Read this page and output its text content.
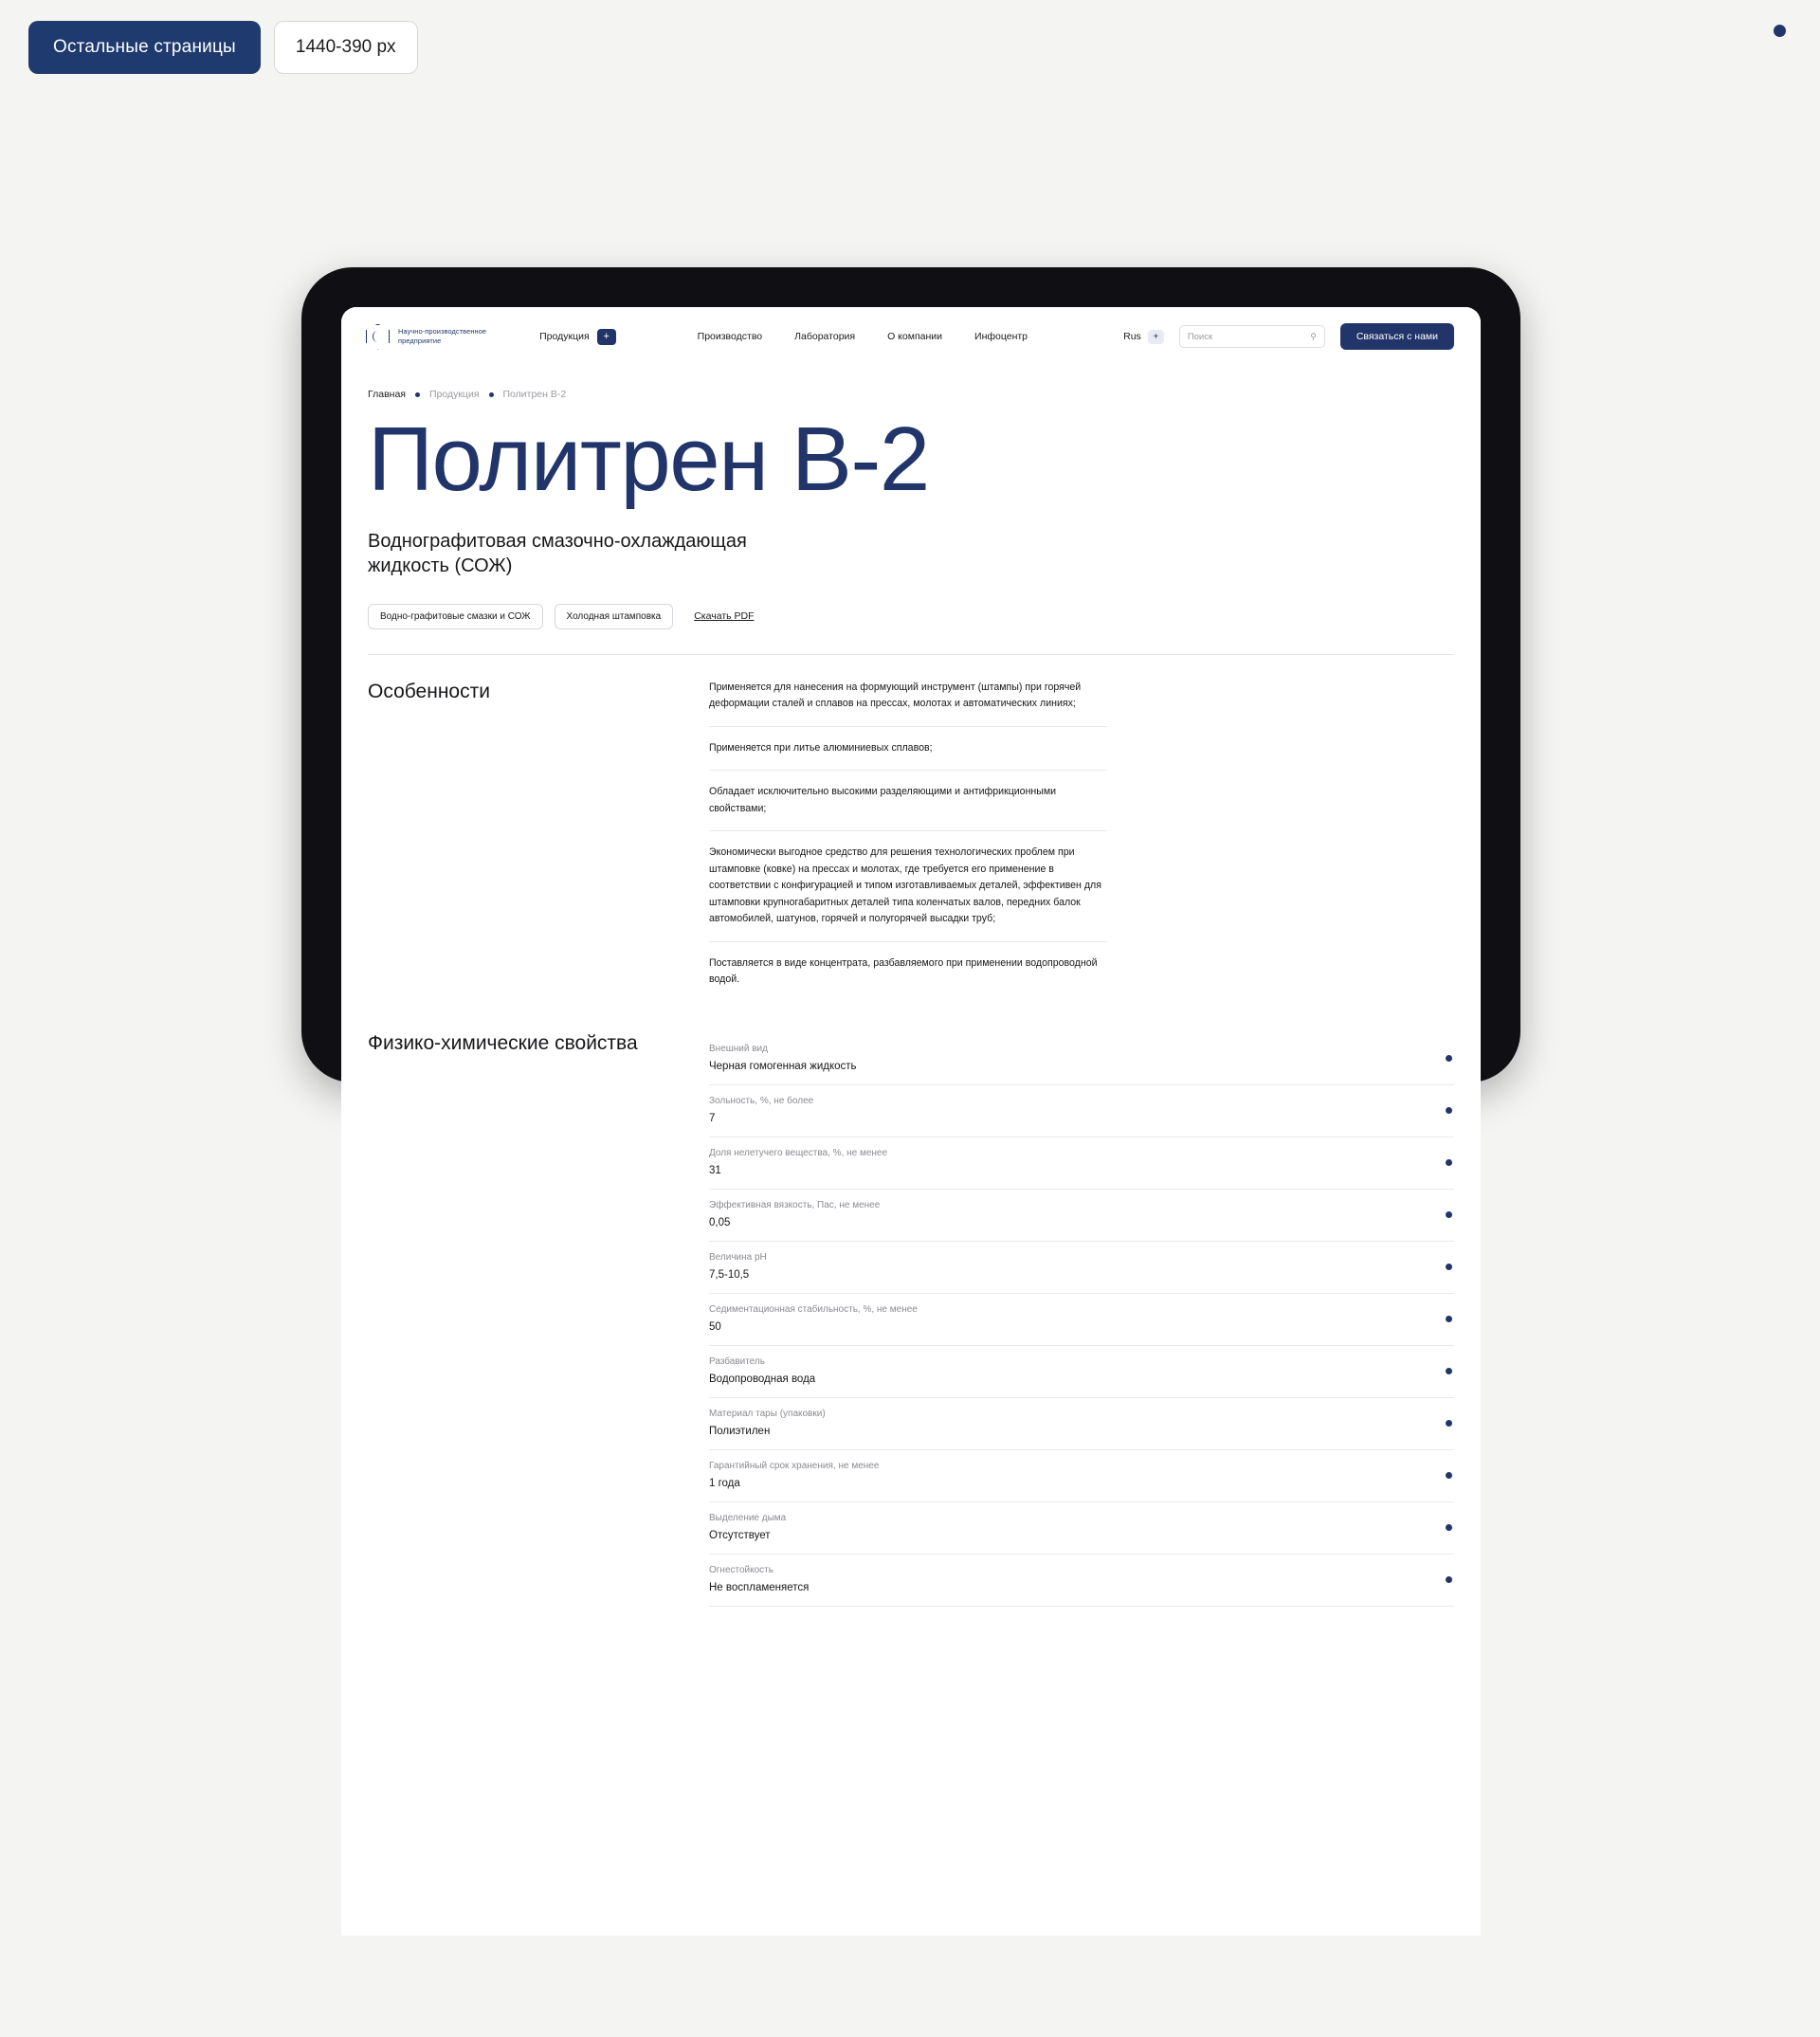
Остальные страницы	1440-390 px
Научно-производственное
предприятие	Продукция	+	Производство	Лаборатория	О компании	Инфоцентр	Rus	+	Поиск	⚲	Связаться с нами
Главная Продукция Политрен В-2
Политрен В-2
Воднографитовая смазочно-охлаждающая жидкость (СОЖ)
Водно-графитовые смазки и СОЖ	Холодная штамповка	Скачать PDF
Особенности	Применяется для нанесения на формующий инструмент (штампы) при горячей деформации сталей и сплавов на прессах, молотах и автоматических линиях;
Применяется при литье алюминиевых сплавов;
Обладает исключительно высокими разделяющими и антифрикционными свойствами;
Экономически выгодное средство для решения технологических проблем при штамповке (ковке) на прессах и молотах, где требуется его применение в соответствии с конфигурацией и типом изготавливаемых деталей, эффективен для штамповки крупногабаритных деталей типа коленчатых валов, передних балок автомобилей, шатунов, горячей и полугорячей высадки труб;
Поставляется в виде концентрата, разбавляемого при применении водопроводной водой.
Физико-химические свойства	Внешний вид
Черная гомогенная жидкость
Зольность, %, не более
7
Доля нелетучего вещества, %, не менее
31
Эффективная вязкость, Пас, не менее
0,05
Величина pH
7,5-10,5
Седиментационная стабильность, %, не менее
50
Разбавитель
Водопроводная вода
Материал тары (упаковки)
Полиэтилен
Гарантийный срок хранения, не менее
1 года
Выделение дыма
Отсутствует
Огнестойкость
Не воспламеняется
